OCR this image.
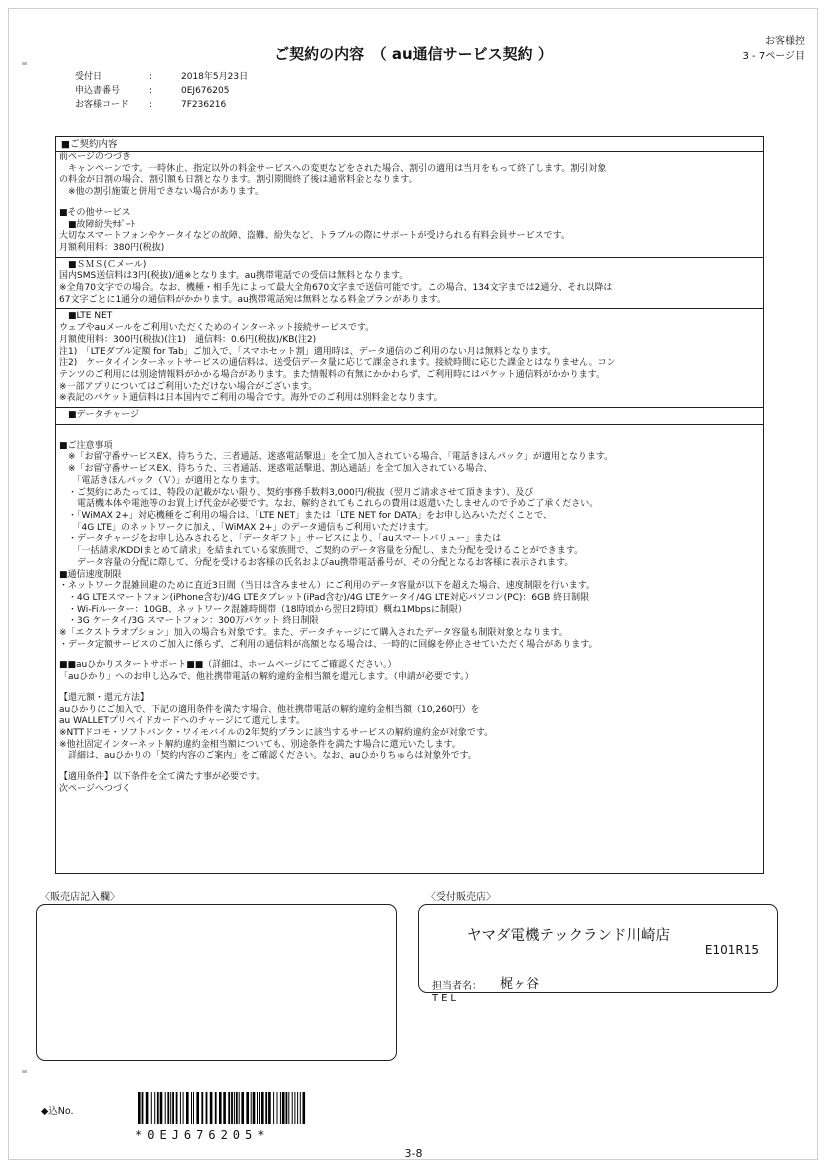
ご契約の内容　（ au通信サービス契約 ）
お客様控
3 - 7ページ目
受付日	:	2018年5月23日
申込書番号	:	0EJ676205
お客様コード	:	7F236216

■ご契約内容

前ページのつづき

　キャンペーンです。一時休止、指定以外の料金サービスへの変更などをされた場合、割引の適用は当月をもって終了します。割引対象

の料金が日割の場合、割引額も日割となります。割引期間終了後は通常料金となります。

　※他の割引施策と併用できない場合があります。

■その他サービス

　■故障紛失ｻﾎﾟｰﾄ

大切なスマートフォンやケータイなどの故障、盗難、紛失など、トラブルの際にサポートが受けられる有料会員サービスです。

月額利用料：380円(税抜)

　■ＳＭＳ(Ｃメール)

国内SMS送信料は3円(税抜)/通※となります。au携帯電話での受信は無料となります。

※全角70文字での場合。なお、機種・相手先によって最大全角670文字まで送信可能です。この場合、134文字までは2通分、それ以降は

67文字ごとに1通分の通信料がかかります。au携帯電話宛は無料となる料金プランがあります。

　■LTE NET

ウェブやauメールをご利用いただくためのインターネット接続サービスです。

月額使用料：300円(税抜)(注1)　通信料：0.6円(税抜)/KB(注2)

注1)　「LTEダブル定額 for Tab」ご加入で、「スマホセット割」適用時は、データ通信のご利用のない月は無料となります。

注2)　ケータイインターネットサービスの通信料は、送受信データ量に応じて課金されます。接続時間に応じた課金とはなりません。コン

テンツのご利用には別途情報料がかかる場合があります。また情報料の有無にかかわらず、ご利用時にはパケット通信料がかかります。

※一部アプリについてはご利用いただけない場合がございます。

※表記のパケット通信料は日本国内でご利用の場合です。海外でのご利用は別料金となります。

　■データチャージ

■ご注意事項

　※「お留守番サービスEX、待ちうた、三者通話、迷惑電話撃退」を全て加入されている場合、「電話きほんパック」が適用となります。

　※「お留守番サービスEX、待ちうた、三者通話、迷惑電話撃退、割込通話」を全て加入されている場合、

　　「電話きほんパック（Ｖ）」が適用となります。

　・ご契約にあたっては、特段の記載がない限り、契約事務手数料3,000円/税抜（翌月ご請求させて頂きます）、及び

　　電話機本体や電池等のお買上げ代金が必要です。なお、解約されてもこれらの費用は返還いたしませんので予めご了承ください。

　・「WiMAX 2+」対応機種をご利用の場合は、「LTE NET」または「LTE NET for DATA」をお申し込みいただくことで、

　　「4G LTE」のネットワークに加え、「WiMAX 2+」のデータ通信もご利用いただけます。

　・データチャージをお申し込みされると、「データギフト」サービスにより、「auスマートバリュー」または

　　「一括請求/KDDIまとめて請求」を結まれている家族間で、ご契約のデータ容量を分配し、また分配を受けることができます。

　　データ容量の分配に際して、分配を受けるお客様の氏名およびau携帯電話番号が、その分配となるお客様に表示されます。

■通信速度制限

・ネットワーク混雑回避のために直近3日間（当日は含みません）にご利用のデータ容量が以下を超えた場合、速度制限を行います。

　・4G LTEスマートフォン(iPhone含む)/4G LTEタブレット(iPad含む)/4G LTEケータイ/4G LTE対応パソコン(PC)：6GB 終日制限

　・Wi-Fiルーター：10GB、ネットワーク混雑時間帯（18時頃から翌日2時頃）概ね1Mbpsに制限）

　・3G ケータイ/3G スマートフォン：300万パケット 終日制限

※「エクストラオプション」加入の場合も対象です。また、データチャージにて購入されたデータ容量も制限対象となります。

・データ定額サービスのご加入に係らず、ご利用の通信料が高額となる場合は、一時的に回線を停止させていただく場合があります。

■■auひかりスタートサポート■■（詳細は、ホームページにてご確認ください。）

「auひかり」へのお申し込みで、他社携帯電話の解約違約金相当額を還元します。（申請が必要です。）

【還元額・還元方法】

auひかりにご加入で、下記の適用条件を満たす場合、他社携帯電話の解約違約金相当額（10,260円）を

au WALLETプリペイドカードへのチャージにて還元します。

※NTTドコモ・ソフトバンク・ワイモバイルの2年契約プランに該当するサービスの解約違約金が対象です。

※他社固定インターネット解約違約金相当額についても、別途条件を満たす場合に還元いたします。

　詳細は、auひかりの「契約内容のご案内」をご確認ください。なお、auひかりちゅらは対象外です。

【適用条件】以下条件を全て満たす事が必要です。

次ページへつづく

〈販売店記入欄〉	〈受付販売店〉
ヤマダ電機テックランド川崎店
E101R15
担当者名： 梶ヶ谷
TEL
◆込No.
*0EJ676205*
3-8
